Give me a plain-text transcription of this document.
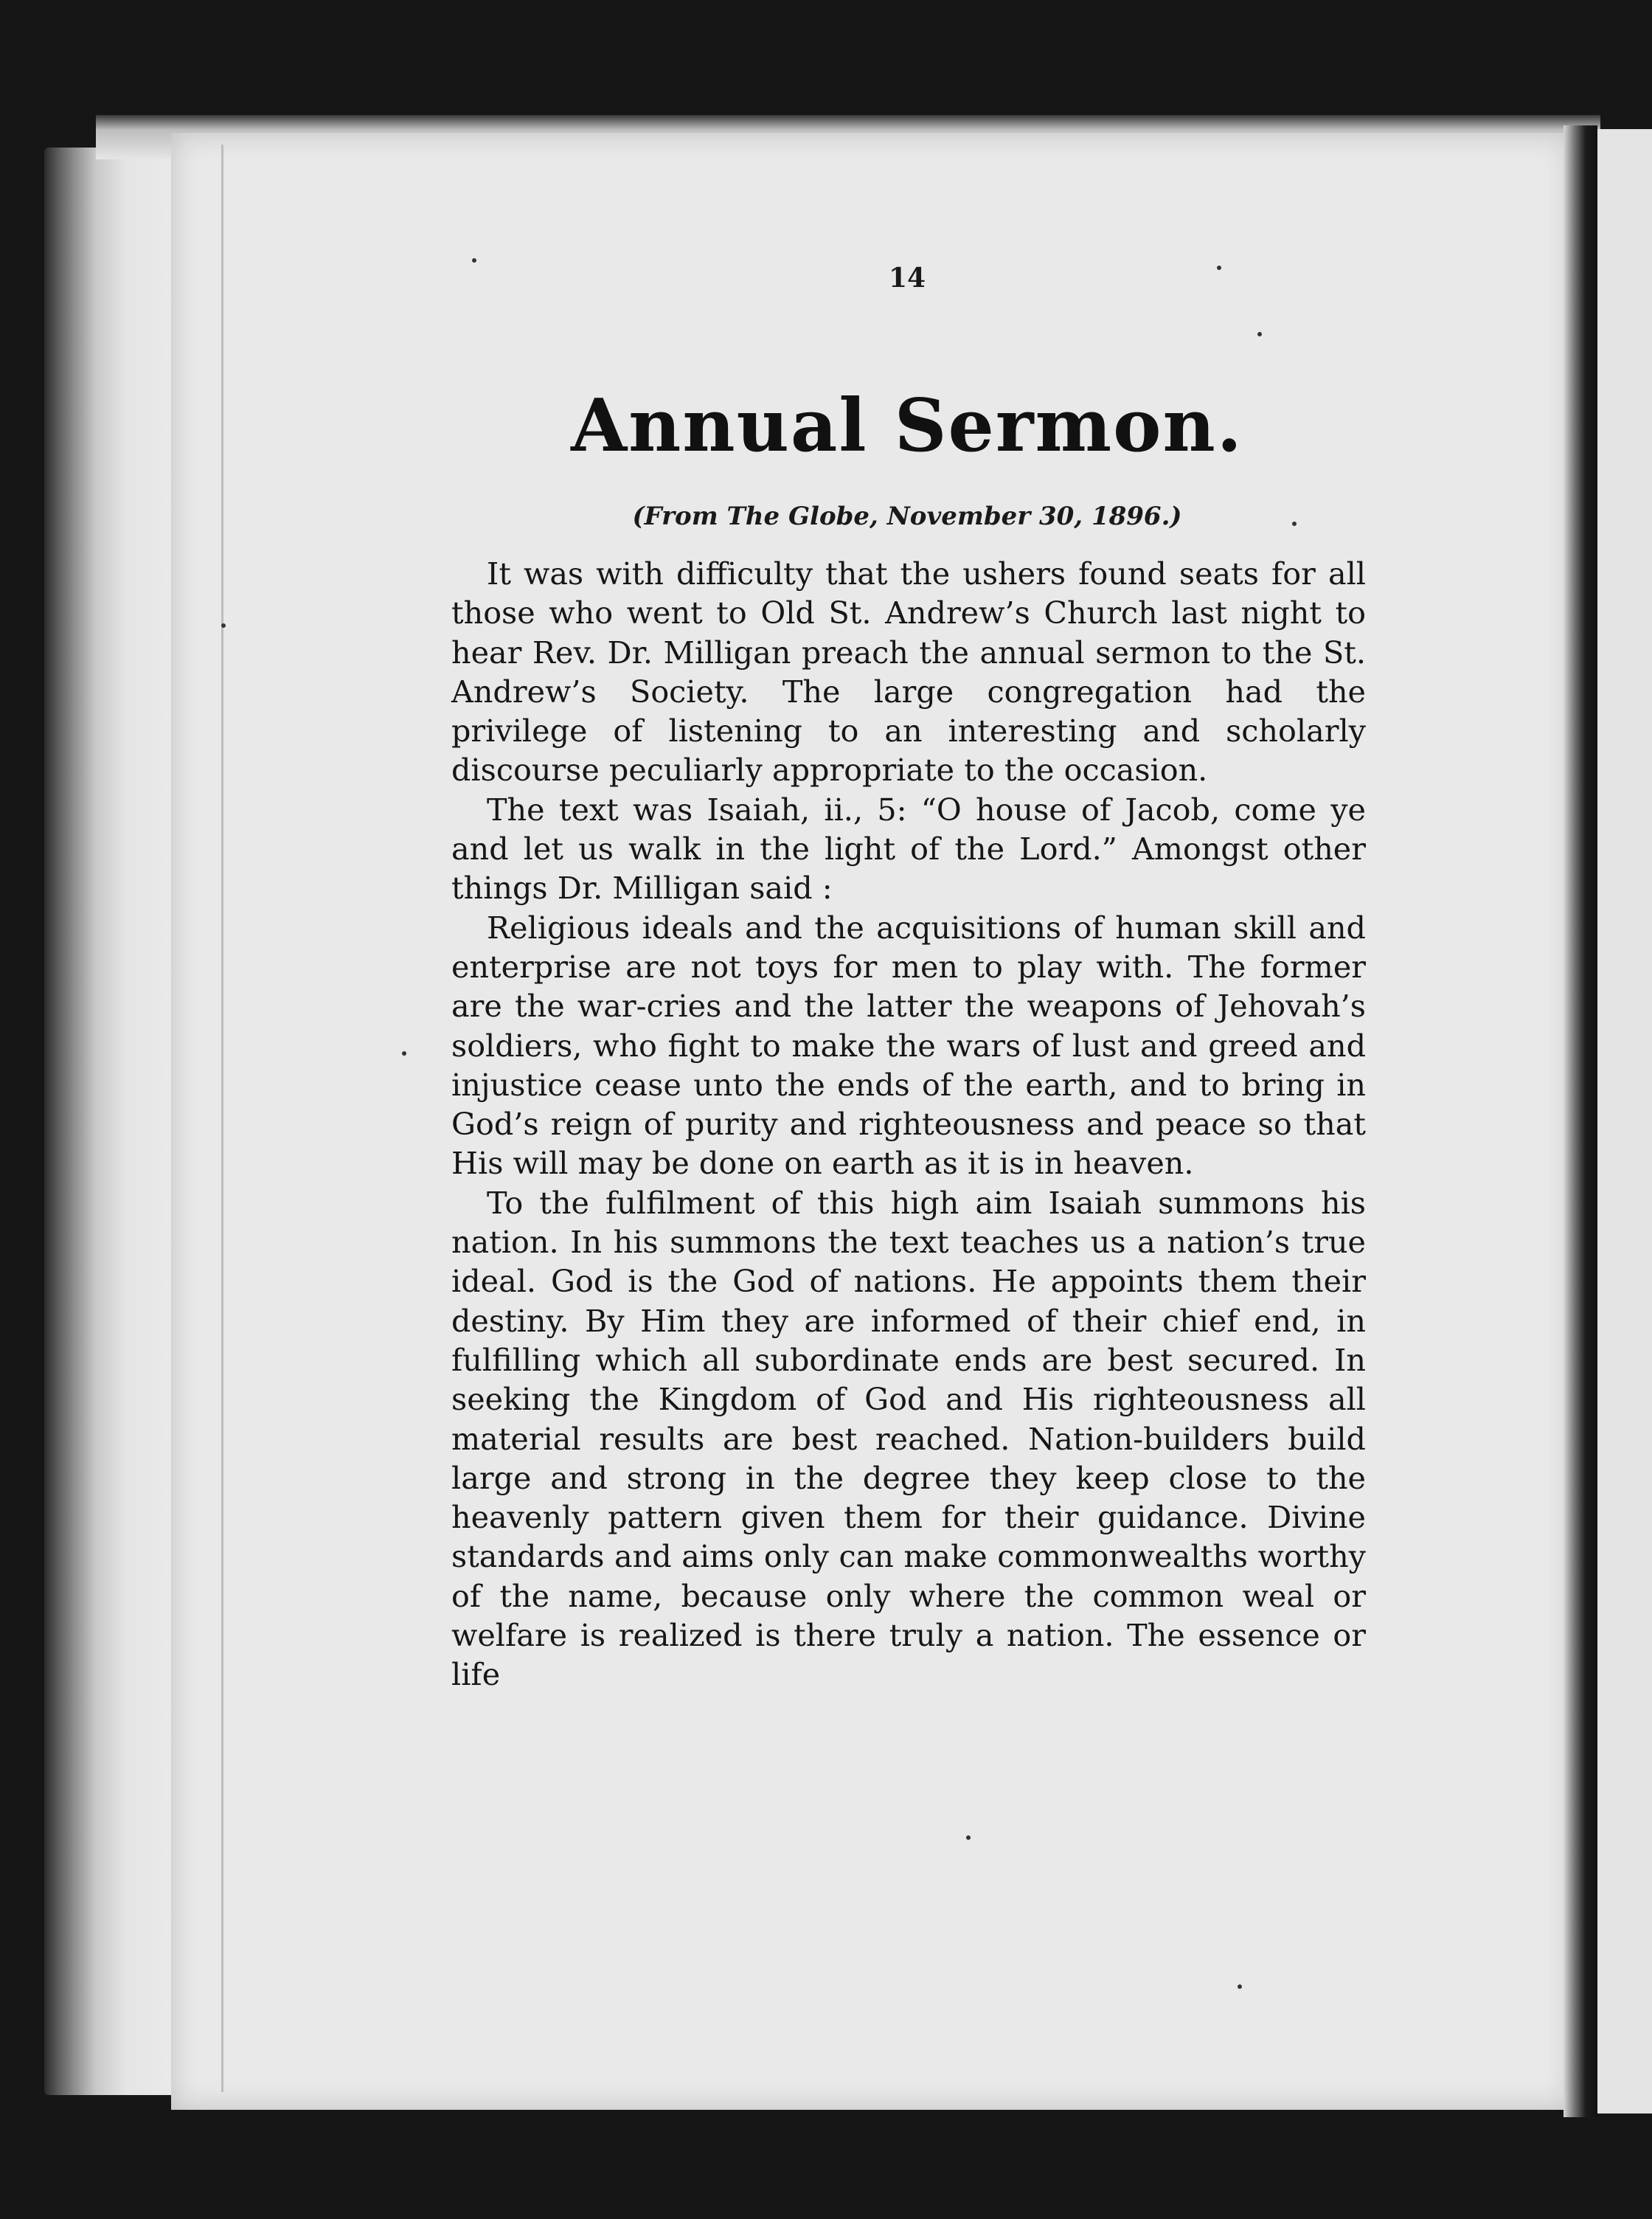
14
Annual Sermon.
(From The Globe, November 30, 1896.)

It was with difficulty that the ushers found seats for all those who went to Old St. Andrew’s Church last night to hear Rev. Dr. Milligan preach the annual sermon to the St. Andrew’s Society. The large congregation had the privilege of listening to an interesting and scholarly discourse peculiarly appropriate to the occasion.

The text was Isaiah, ii., 5: “O house of Jacob, come ye and let us walk in the light of the Lord.” Amongst other things Dr. Milligan said :

Religious ideals and the acquisitions of human skill and enterprise are not toys for men to play with. The former are the war-cries and the latter the weapons of Jehovah’s soldiers, who fight to make the wars of lust and greed and injustice cease unto the ends of the earth, and to bring in God’s reign of purity and righteousness and peace so that His will may be done on earth as it is in heaven.

To the fulfilment of this high aim Isaiah summons his nation. In his summons the text teaches us a nation’s true ideal. God is the God of nations. He appoints them their destiny. By Him they are informed of their chief end, in fulfilling which all subordinate ends are best secured. In seeking the Kingdom of God and His righteousness all material results are best reached. Nation-builders build large and strong in the degree they keep close to the heavenly pattern given them for their guidance. Divine standards and aims only can make commonwealths worthy of the name, because only where the common weal or welfare is realized is there truly a nation. The essence or life
